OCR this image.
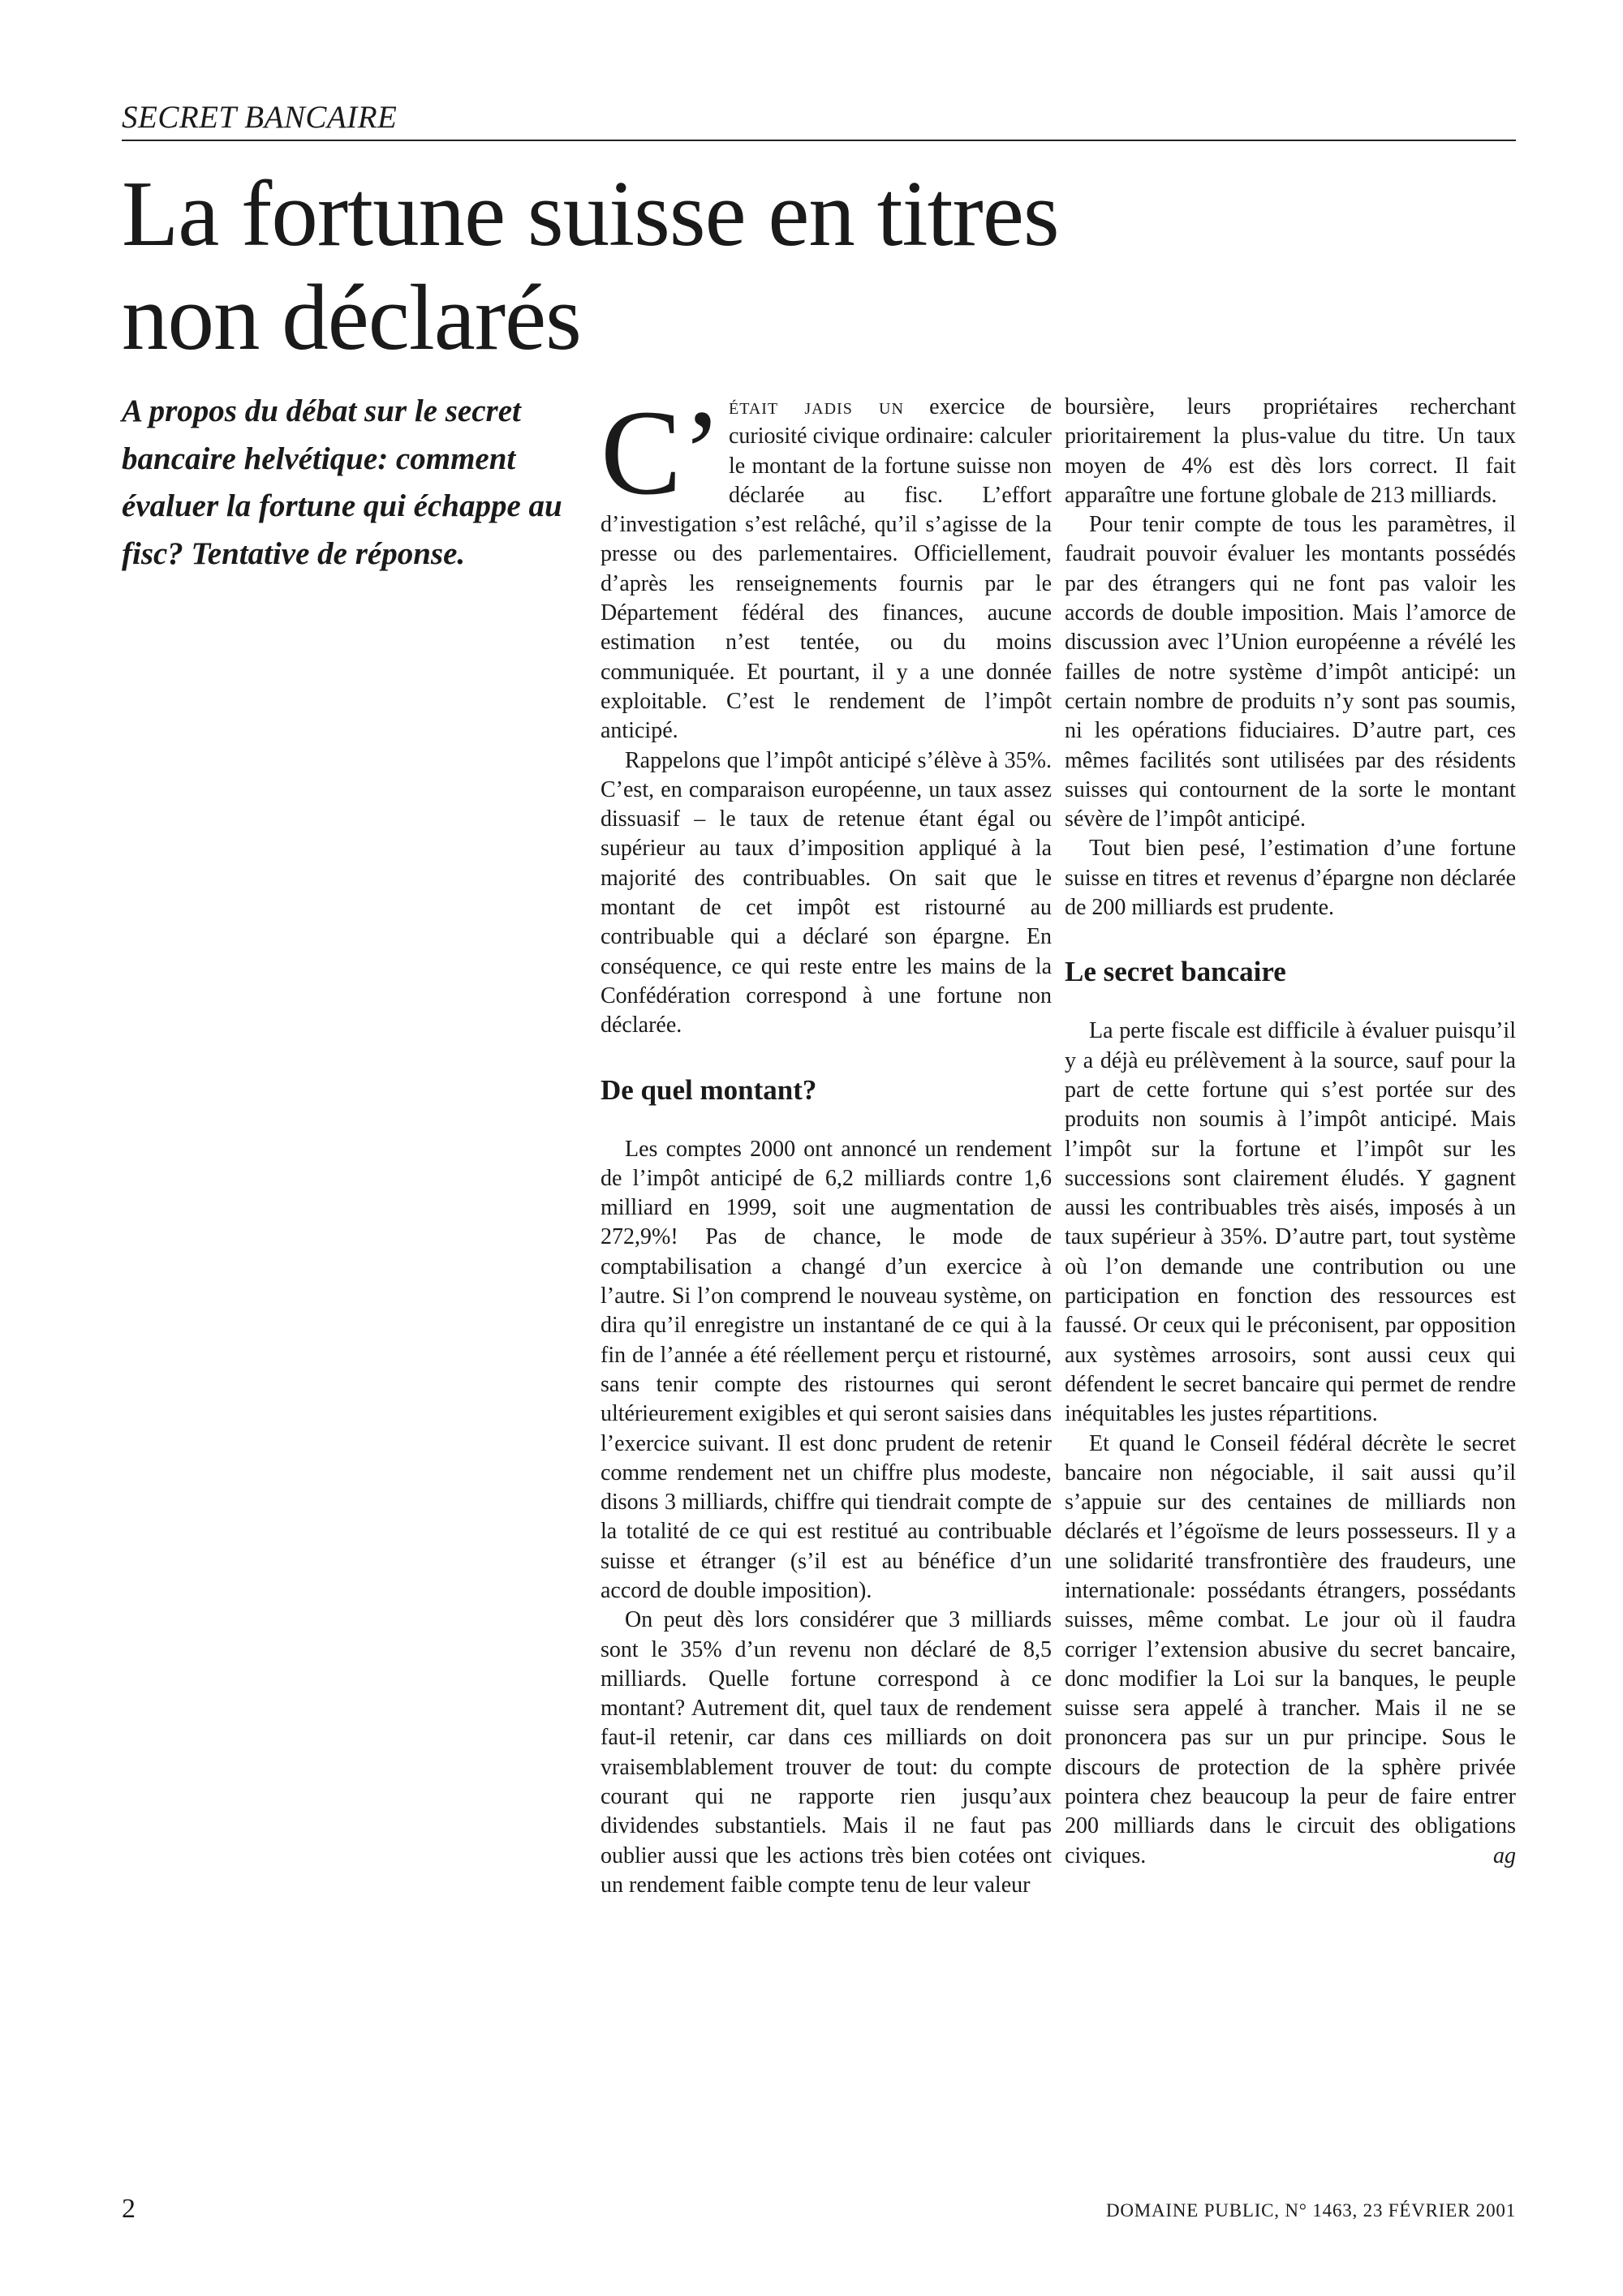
SECRET BANCAIRE
La fortune suisse en titres
non déclarés
A propos du débat sur le secret bancaire helvétique: comment évaluer la fortune qui échappe au fisc? Tentative de réponse.

C’ était jadis un exercice de curiosité civique ordinaire: calculer le montant de la fortune suisse non déclarée au fisc. L’effort d’investigation s’est relâché, qu’il s’agisse de la presse ou des parlementaires. Officiellement, d’après les renseignements fournis par le Département fédéral des finances, aucune estimation n’est tentée, ou du moins communiquée. Et pourtant, il y a une donnée exploitable. C’est le rendement de l’impôt anticipé.

Rappelons que l’impôt anticipé s’élève à 35%. C’est, en comparaison européenne, un taux assez dissuasif – le taux de retenue étant égal ou supérieur au taux d’imposition appliqué à la majorité des contribuables. On sait que le montant de cet impôt est ristourné au contribuable qui a déclaré son épargne. En conséquence, ce qui reste entre les mains de la Confédération correspond à une fortune non déclarée.

De quel montant?

Les comptes 2000 ont annoncé un rendement de l’impôt anticipé de 6,2 milliards contre 1,6 milliard en 1999, soit une augmentation de 272,9%! Pas de chance, le mode de comptabilisation a changé d’un exercice à l’autre. Si l’on comprend le nouveau système, on dira qu’il enregistre un instantané de ce qui à la fin de l’année a été réellement perçu et ristourné, sans tenir compte des ristournes qui seront ultérieurement exigibles et qui seront saisies dans l’exercice suivant. Il est donc prudent de retenir comme rendement net un chiffre plus modeste, disons 3 milliards, chiffre qui tiendrait compte de la totalité de ce qui est restitué au contribuable suisse et étranger (s’il est au bénéfice d’un accord de double imposition).

On peut dès lors considérer que 3 milliards sont le 35% d’un revenu non déclaré de 8,5 milliards. Quelle fortune correspond à ce montant? Autrement dit, quel taux de rendement faut-il retenir, car dans ces milliards on doit vraisemblablement trouver de tout: du compte courant qui ne rapporte rien jusqu’aux dividendes substantiels. Mais il ne faut pas oublier aussi que les actions très bien cotées ont un rendement faible compte tenu de leur valeur

boursière, leurs propriétaires recherchant prioritairement la plus-value du titre. Un taux moyen de 4% est dès lors correct. Il fait apparaître une fortune globale de 213 milliards.

Pour tenir compte de tous les paramètres, il faudrait pouvoir évaluer les montants possédés par des étrangers qui ne font pas valoir les accords de double imposition. Mais l’amorce de discussion avec l’Union européenne a révélé les failles de notre système d’impôt anticipé: un certain nombre de produits n’y sont pas soumis, ni les opérations fiduciaires. D’autre part, ces mêmes facilités sont utilisées par des résidents suisses qui contournent de la sorte le montant sévère de l’impôt anticipé.

Tout bien pesé, l’estimation d’une fortune suisse en titres et revenus d’épargne non déclarée de 200 milliards est prudente.

Le secret bancaire

La perte fiscale est difficile à évaluer puisqu’il y a déjà eu prélèvement à la source, sauf pour la part de cette fortune qui s’est portée sur des produits non soumis à l’impôt anticipé. Mais l’impôt sur la fortune et l’impôt sur les successions sont clairement éludés. Y gagnent aussi les contribuables très aisés, imposés à un taux supérieur à 35%. D’autre part, tout système où l’on demande une contribution ou une participation en fonction des ressources est faussé. Or ceux qui le préconisent, par opposition aux systèmes arrosoirs, sont aussi ceux qui défendent le secret bancaire qui permet de rendre inéquitables les justes répartitions.

Et quand le Conseil fédéral décrète le secret bancaire non négociable, il sait aussi qu’il s’appuie sur des centaines de milliards non déclarés et l’égoïsme de leurs possesseurs. Il y a une solidarité transfrontière des fraudeurs, une internationale: possédants étrangers, possédants suisses, même combat. Le jour où il faudra corriger l’extension abusive du secret bancaire, donc modifier la Loi sur la banques, le peuple suisse sera appelé à trancher. Mais il ne se prononcera pas sur un pur principe. Sous le discours de protection de la sphère privée pointera chez beaucoup la peur de faire entrer 200 milliards dans le circuit des obligations civiques.	ag

2	DOMAINE PUBLIC, N° 1463, 23 FÉVRIER 2001
